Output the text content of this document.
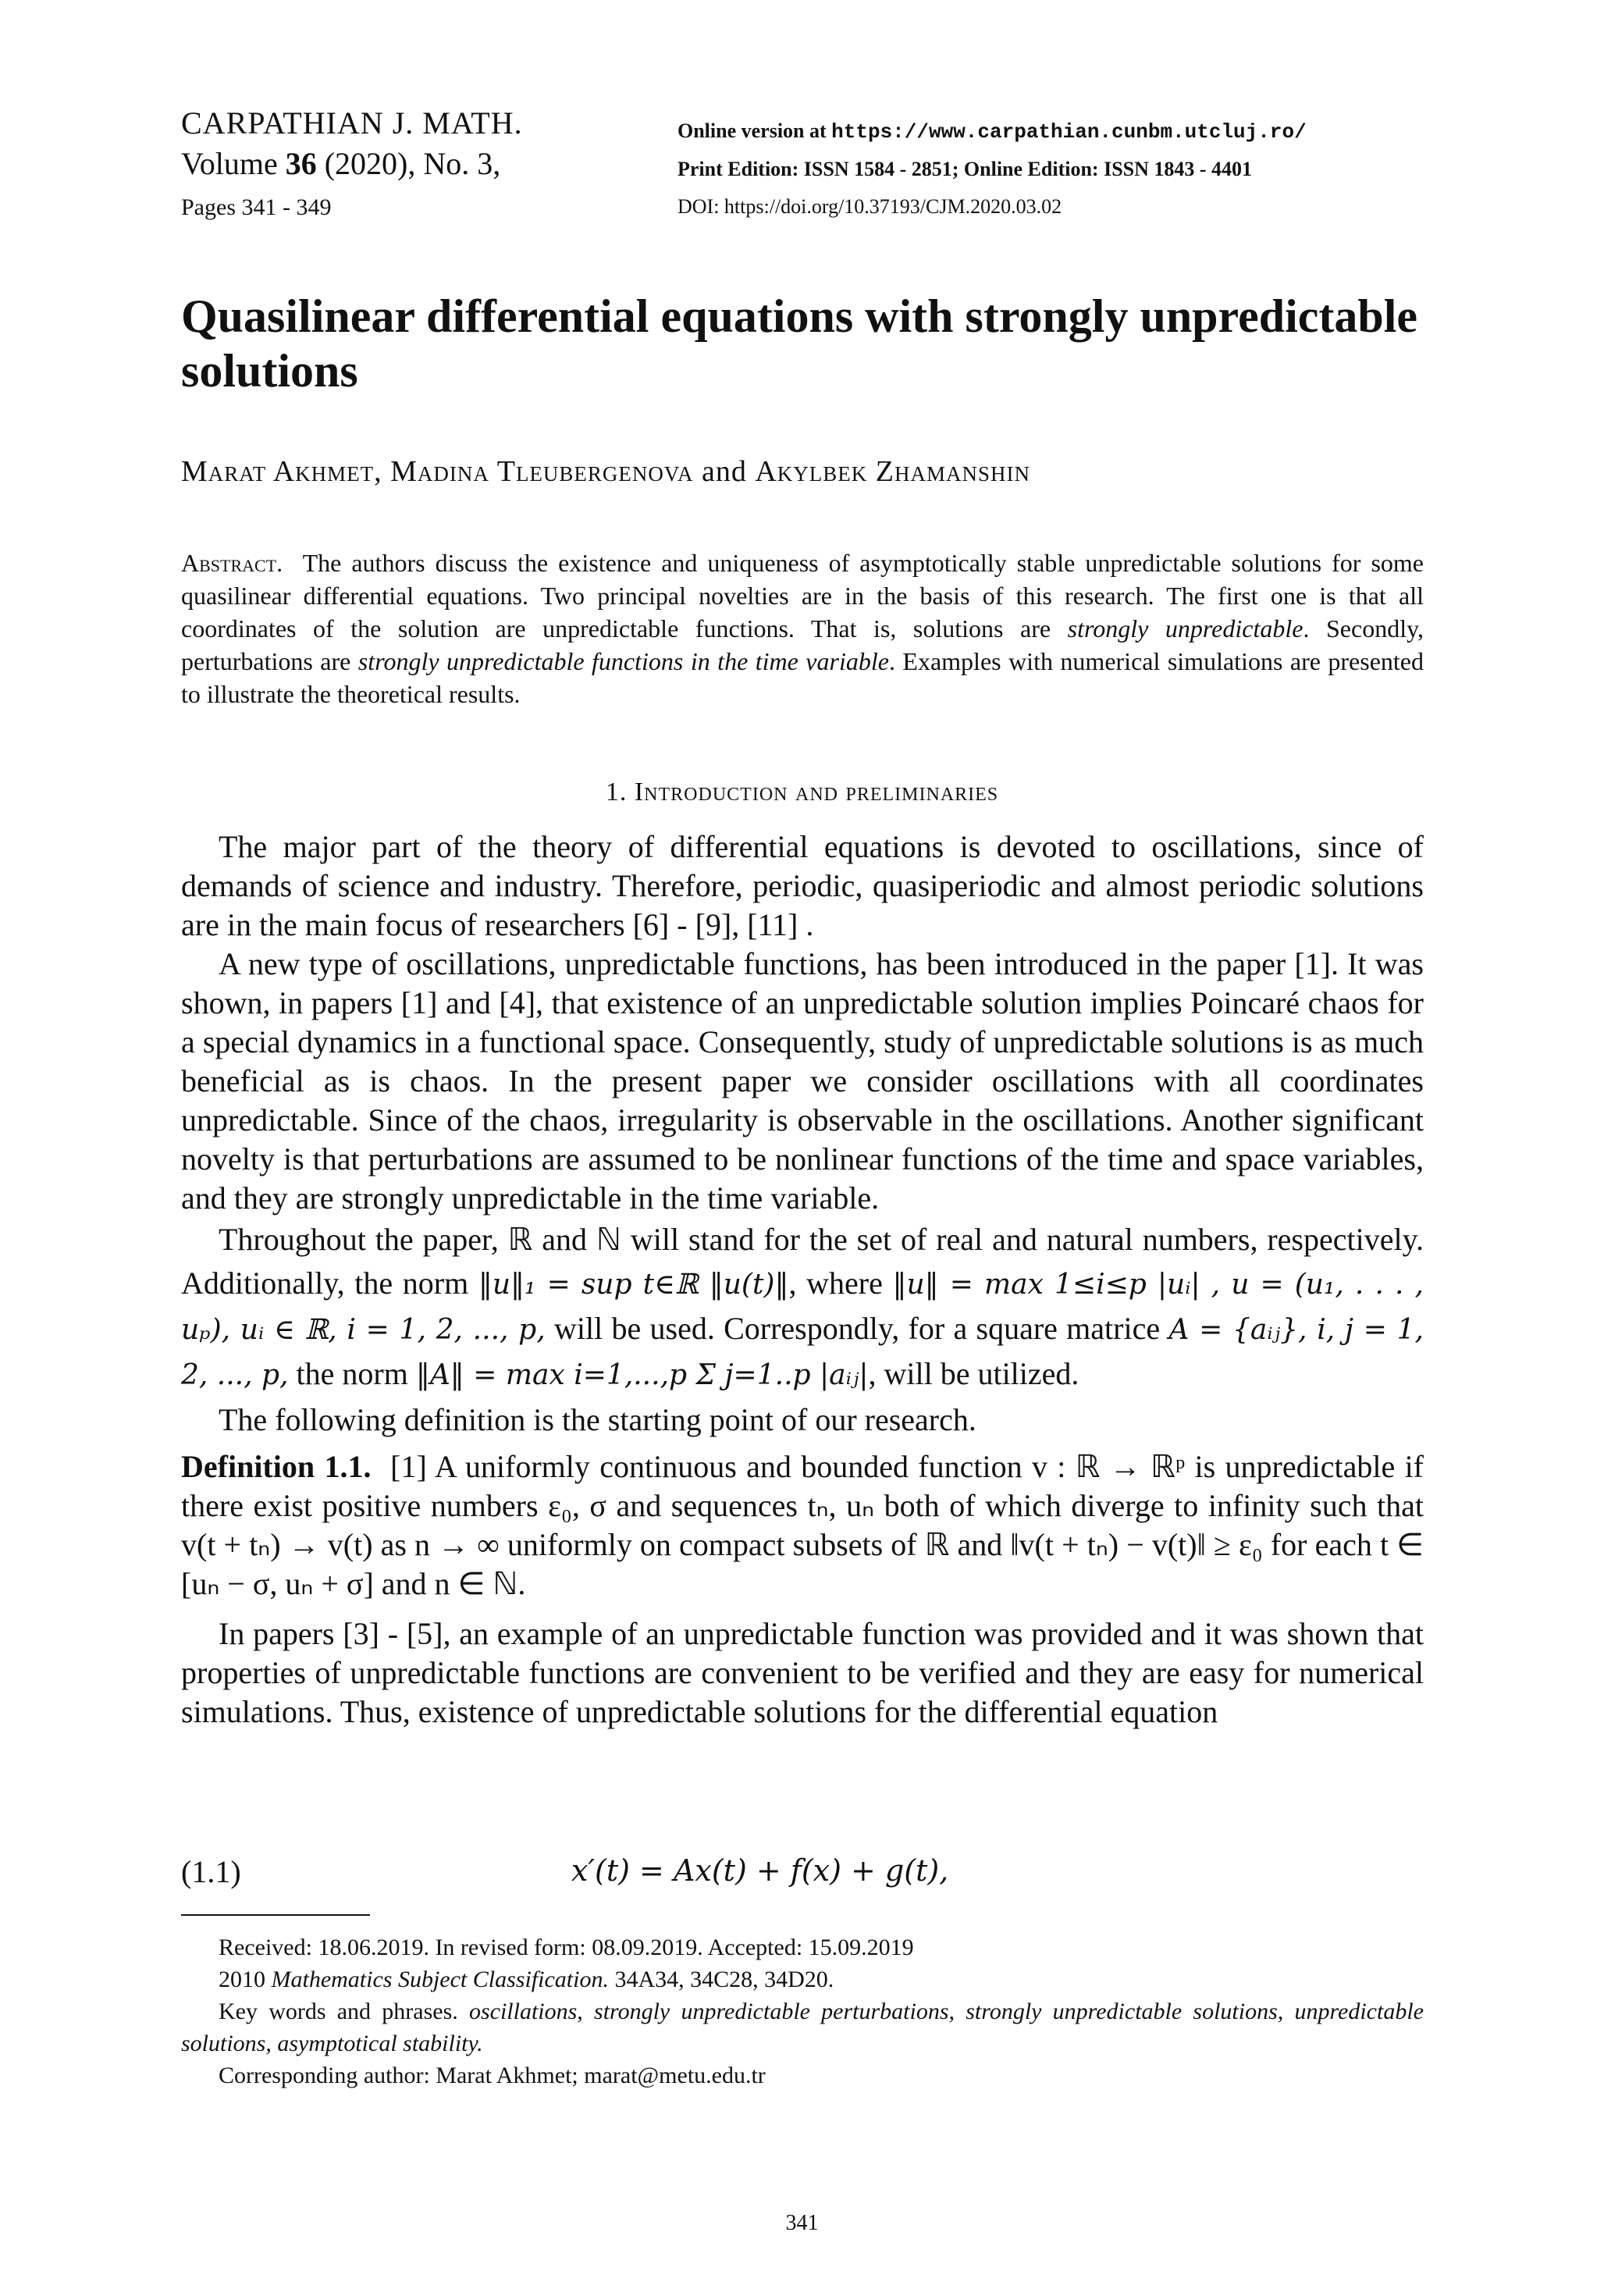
CARPATHIAN J. MATH.
Volume 36 (2020), No. 3,
Pages 341 - 349
Online version at https://www.carpathian.cunbm.utcluj.ro/
Print Edition: ISSN 1584 - 2851; Online Edition: ISSN 1843 - 4401
DOI: https://doi.org/10.37193/CJM.2020.03.02
Quasilinear differential equations with strongly unpredictable solutions
Marat Akhmet, Madina Tleubergenova and Akylbek Zhamanshin
Abstract. The authors discuss the existence and uniqueness of asymptotically stable unpredictable solutions for some quasilinear differential equations. Two principal novelties are in the basis of this research. The first one is that all coordinates of the solution are unpredictable functions. That is, solutions are strongly unpredictable. Secondly, perturbations are strongly unpredictable functions in the time variable. Examples with numerical simulations are presented to illustrate the theoretical results.
1. Introduction and preliminaries

The major part of the theory of differential equations is devoted to oscillations, since of demands of science and industry. Therefore, periodic, quasiperiodic and almost periodic solutions are in the main focus of researchers [6] - [9], [11] .

A new type of oscillations, unpredictable functions, has been introduced in the paper [1]. It was shown, in papers [1] and [4], that existence of an unpredictable solution implies Poincaré chaos for a special dynamics in a functional space. Consequently, study of unpredictable solutions is as much beneficial as is chaos. In the present paper we consider oscillations with all coordinates unpredictable. Since of the chaos, irregularity is observable in the oscillations. Another significant novelty is that perturbations are assumed to be nonlinear functions of the time and space variables, and they are strongly unpredictable in the time variable.

Throughout the paper, ℝ and ℕ will stand for the set of real and natural numbers, respectively. Additionally, the norm ‖u‖₁ = sup t∈ℝ ‖u(t)‖, where ‖u‖ = max 1≤i≤p |uᵢ| , u = (u₁, . . . , uₚ), uᵢ ∈ ℝ, i = 1, 2, ..., p, will be used. Correspondly, for a square matrice A = {aᵢⱼ}, i, j = 1, 2, ..., p, the norm ‖A‖ = max i=1,...,p Σ j=1..p |aᵢⱼ|, will be utilized.

The following definition is the starting point of our research.

Definition 1.1. [1] A uniformly continuous and bounded function v : ℝ → ℝᵖ is unpredictable if there exist positive numbers ε₀, σ and sequences tₙ, uₙ both of which diverge to infinity such that v(t + tₙ) → v(t) as n → ∞ uniformly on compact subsets of ℝ and ‖v(t + tₙ) − v(t)‖ ≥ ε₀ for each t ∈ [uₙ − σ, uₙ + σ] and n ∈ ℕ.

In papers [3] - [5], an example of an unpredictable function was provided and it was shown that properties of unpredictable functions are convenient to be verified and they are easy for numerical simulations. Thus, existence of unpredictable solutions for the differential equation

(1.1)	x′(t) = Ax(t) + f(x) + g(t),
Received: 18.06.2019. In revised form: 08.09.2019. Accepted: 15.09.2019
2010 Mathematics Subject Classification. 34A34, 34C28, 34D20.
Key words and phrases. oscillations, strongly unpredictable perturbations, strongly unpredictable solutions, unpredictable solutions, asymptotical stability.
Corresponding author: Marat Akhmet; marat@metu.edu.tr
341
